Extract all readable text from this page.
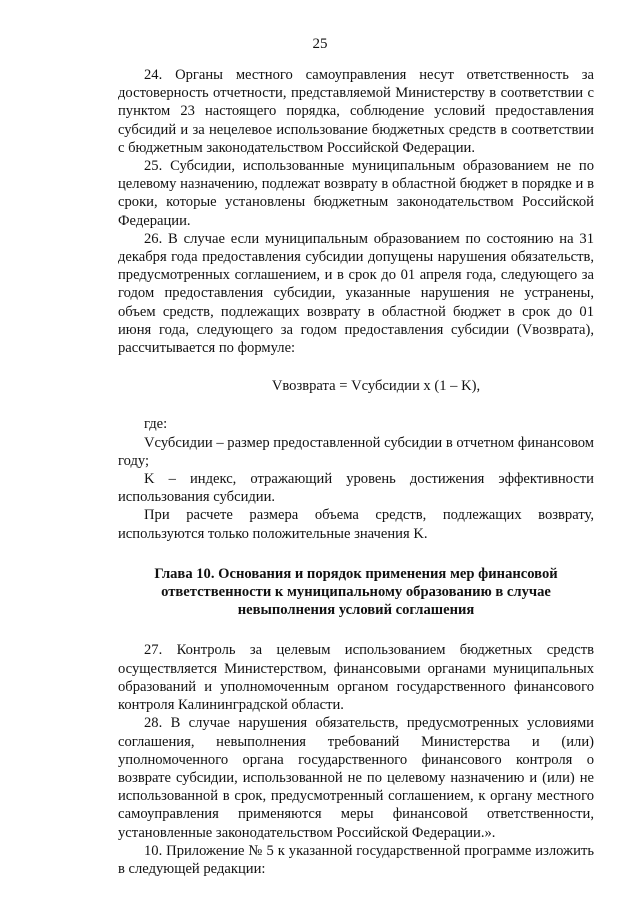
25

24. Органы местного самоуправления несут ответственность за достоверность отчетности, представляемой Министерству в соответствии с пунктом 23 настоящего порядка, соблюдение условий предоставления субсидий и за нецелевое использование бюджетных средств в соответствии с бюджетным законодательством Российской Федерации.

25. Субсидии, использованные муниципальным образованием не по целевому назначению, подлежат возврату в областной бюджет в порядке и в сроки, которые установлены бюджетным законодательством Российской Федерации.

26. В случае если муниципальным образованием по состоянию на 31 декабря года предоставления субсидии допущены нарушения обязательств, предусмотренных соглашением, и в срок до 01 апреля года, следующего за годом предоставления субсидии, указанные нарушения не устранены, объем средств, подлежащих возврату в областной бюджет в срок до 01 июня года, следующего за годом предоставления субсидии (Vвозврата), рассчитывается по формуле:

Vвозврата = Vсубсидии x (1 – K),

где:

Vсубсидии – размер предоставленной субсидии в отчетном финансовом году;

K – индекс, отражающий уровень достижения эффективности использования субсидии.

При расчете размера объема средств, подлежащих возврату, используются только положительные значения K.

Глава 10. Основания и порядок применения мер финансовой ответственности к муниципальному образованию в случае невыполнения условий соглашения

27. Контроль за целевым использованием бюджетных средств осуществляется Министерством, финансовыми органами муниципальных образований и уполномоченным органом государственного финансового контроля Калининградской области.

28. В случае нарушения обязательств, предусмотренных условиями соглашения, невыполнения требований Министерства и (или) уполномоченного органа государственного финансового контроля о возврате субсидии, использованной не по целевому назначению и (или) не использованной в срок, предусмотренный соглашением, к органу местного самоуправления применяются меры финансовой ответственности, установленные законодательством Российской Федерации.».

10. Приложение № 5 к указанной государственной программе изложить в следующей редакции:
